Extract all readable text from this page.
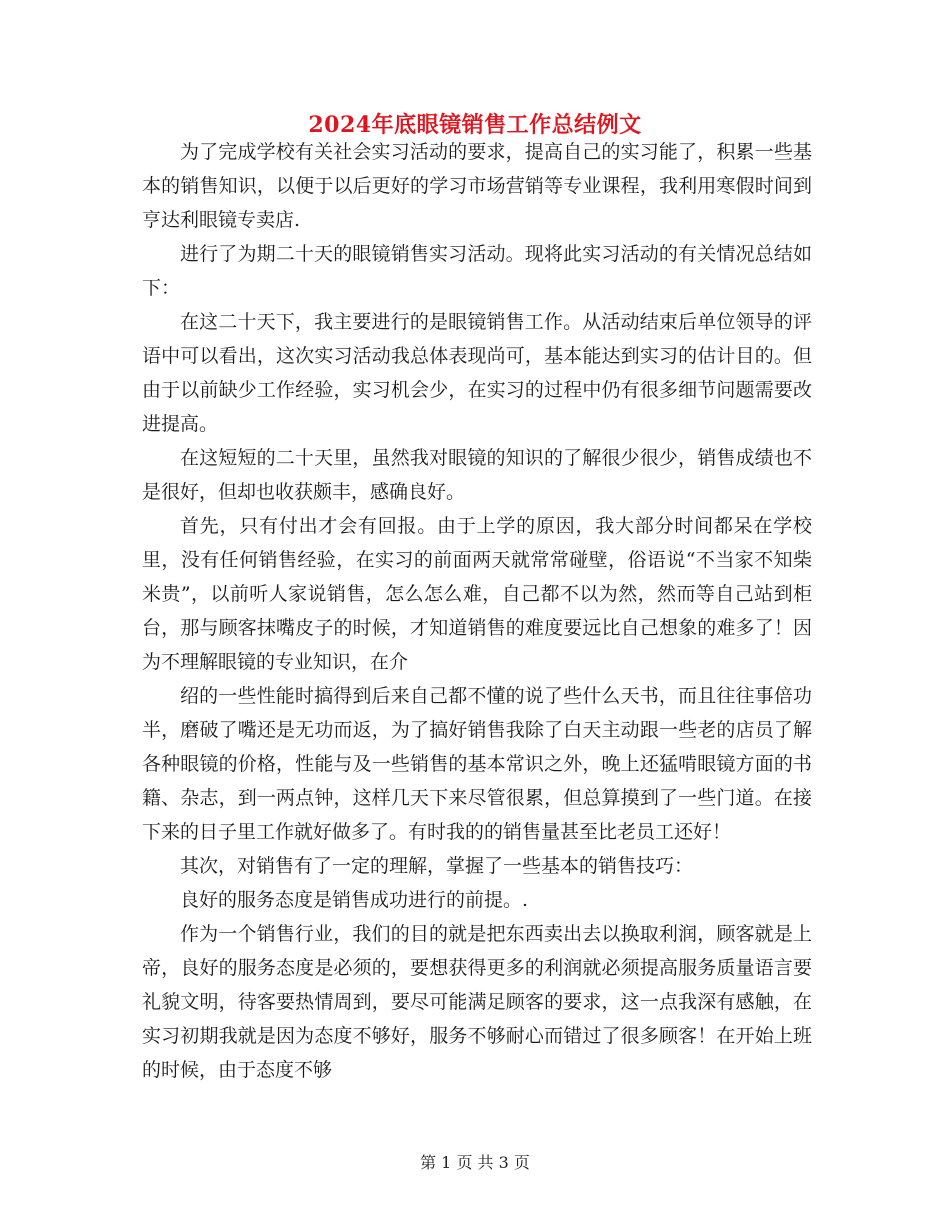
2024年底眼镜销售工作总结例文

为了完成学校有关社会实习活动的要求，提高自己的实习能了，积累一些基本的销售知识，以便于以后更好的学习市场营销等专业课程，我利用寒假时间到亨达利眼镜专卖店.

进行了为期二十天的眼镜销售实习活动。现将此实习活动的有关情况总结如下：

在这二十天下，我主要进行的是眼镜销售工作。从活动结束后单位领导的评语中可以看出，这次实习活动我总体表现尚可，基本能达到实习的估计目的。但由于以前缺少工作经验，实习机会少，在实习的过程中仍有很多细节问题需要改进提高。

在这短短的二十天里，虽然我对眼镜的知识的了解很少很少，销售成绩也不是很好，但却也收获颇丰，感确良好。

首先，只有付出才会有回报。由于上学的原因，我大部分时间都呆在学校里，没有任何销售经验，在实习的前面两天就常常碰壁，俗语说“不当家不知柴米贵”，以前听人家说销售，怎么怎么难，自己都不以为然，然而等自己站到柜台，那与顾客抹嘴皮子的时候，才知道销售的难度要远比自己想象的难多了！因为不理解眼镜的专业知识，在介

绍的一些性能时搞得到后来自己都不懂的说了些什么天书，而且往往事倍功半，磨破了嘴还是无功而返，为了搞好销售我除了白天主动跟一些老的店员了解各种眼镜的价格，性能与及一些销售的基本常识之外，晚上还猛啃眼镜方面的书籍、杂志，到一两点钟，这样几天下来尽管很累，但总算摸到了一些门道。在接下来的日子里工作就好做多了。有时我的的销售量甚至比老员工还好！

其次，对销售有了一定的理解，掌握了一些基本的销售技巧：

良好的服务态度是销售成功进行的前提。.

作为一个销售行业，我们的目的就是把东西卖出去以换取利润，顾客就是上帝，良好的服务态度是必须的，要想获得更多的利润就必须提高服务质量语言要礼貌文明，待客要热情周到，要尽可能满足顾客的要求，这一点我深有感触，在实习初期我就是因为态度不够好，服务不够耐心而错过了很多顾客！在开始上班的时候，由于态度不够

第 1 页 共 3 页
